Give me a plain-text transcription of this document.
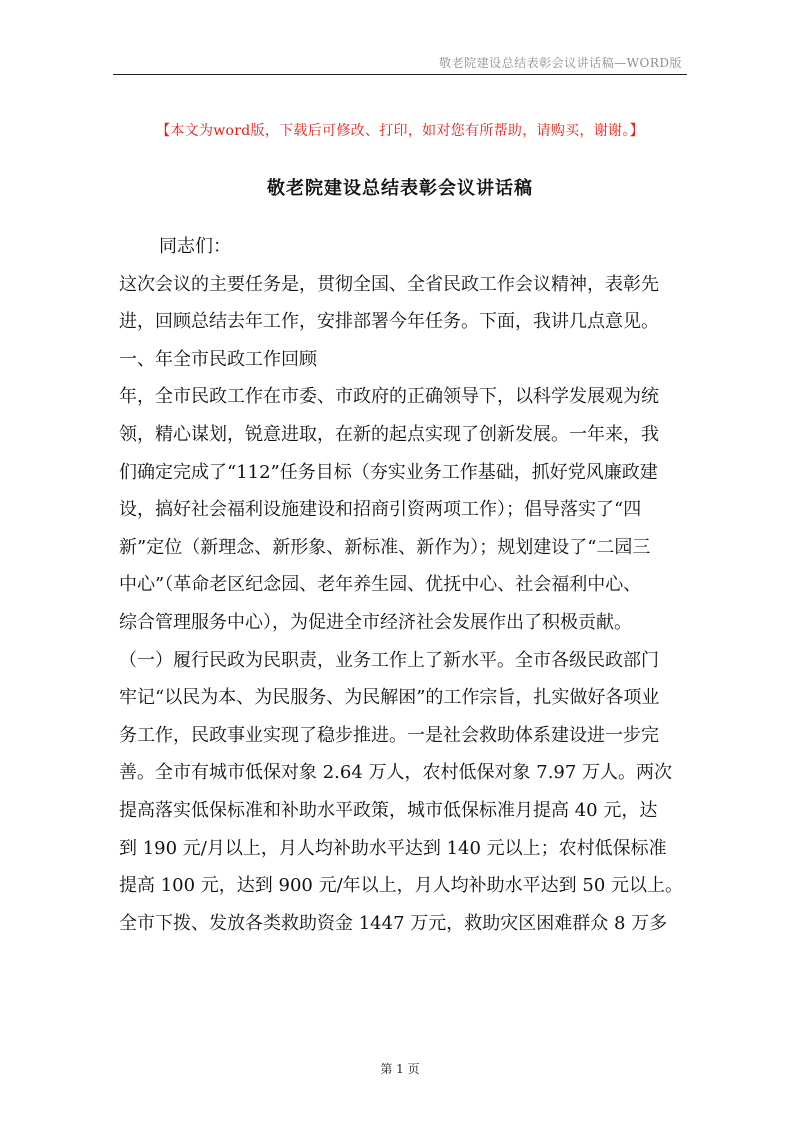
敬老院建设总结表彰会议讲话稿—WORD版
【本文为word版，下载后可修改、打印，如对您有所帮助，请购买，谢谢。】
敬老院建设总结表彰会议讲话稿
同志们：
这次会议的主要任务是，贯彻全国、全省民政工作会议精神，表彰先
进，回顾总结去年工作，安排部署今年任务。下面，我讲几点意见。
一、年全市民政工作回顾
年，全市民政工作在市委、市政府的正确领导下，以科学发展观为统
领，精心谋划，锐意进取，在新的起点实现了创新发展。一年来，我
们确定完成了“112”任务目标（夯实业务工作基础，抓好党风廉政建
设，搞好社会福利设施建设和招商引资两项工作）；倡导落实了“四
新”定位（新理念、新形象、新标准、新作为）；规划建设了“二园三
中心”（革命老区纪念园、老年养生园、优抚中心、社会福利中心、
综合管理服务中心），为促进全市经济社会发展作出了积极贡献。
（一）履行民政为民职责，业务工作上了新水平。全市各级民政部门
牢记“以民为本、为民服务、为民解困”的工作宗旨，扎实做好各项业
务工作，民政事业实现了稳步推进。一是社会救助体系建设进一步完
善。全市有城市低保对象 2.64 万人，农村低保对象 7.97 万人。两次
提高落实低保标准和补助水平政策，城市低保标准月提高 40 元，达
到 190 元/月以上，月人均补助水平达到 140 元以上；农村低保标准
提高 100 元，达到 900 元/年以上，月人均补助水平达到 50 元以上。
全市下拨、发放各类救助资金 1447 万元，救助灾区困难群众 8 万多
第 1 页
